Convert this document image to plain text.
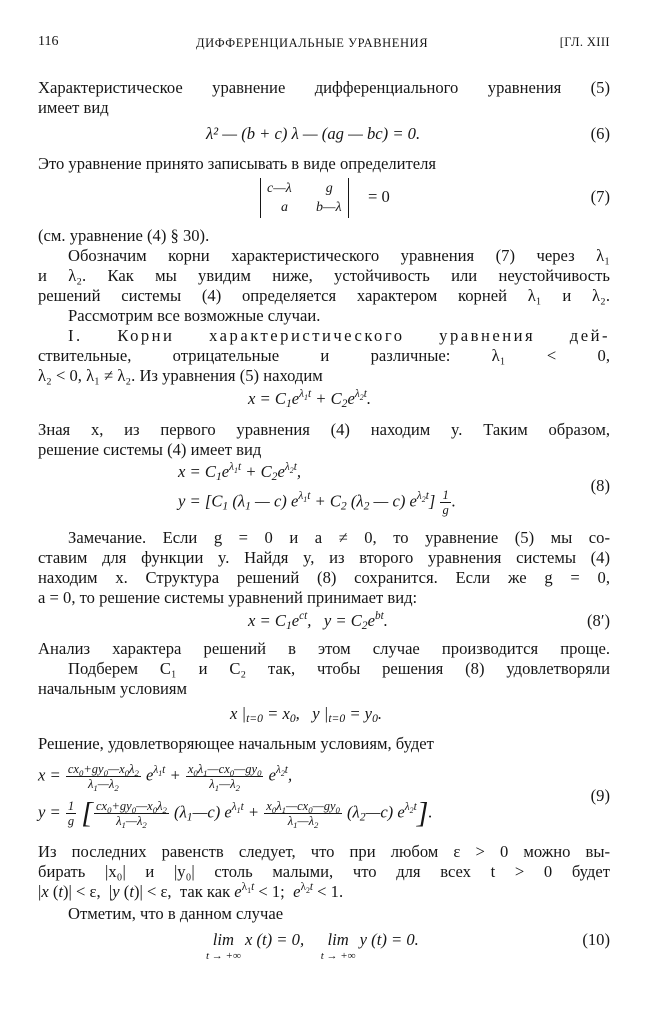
116	ДИФФЕРЕНЦИАЛЬНЫЕ УРАВНЕНИЯ	[ГЛ. XIII
Характеристическое уравнение дифференциального уравнения (5)
имеет вид
λ² — (b + c) λ — (ag — bc) = 0.	(6)
Это уравнение принято записывать в виде определителя
c—λ g
a b—λ
= 0	(7)
(см. уравнение (4) § 30).
Обозначим корни характеристического уравнения (7) через λ₁
и λ₂. Как мы увидим ниже, устойчивость или неустойчивость
решений системы (4) определяется характером корней λ₁ и λ₂.
Рассмотрим все возможные случаи.
I. Корни характеристического уравнения дей-
ствительные, отрицательные и различные: λ₁ < 0,
λ₂ < 0, λ₁ ≠ λ₂. Из уравнения (5) находим
$x = C_1e^{\lambda_1t} + C_2e^{\lambda_2t}$.
Зная x, из первого уравнения (4) находим y. Таким образом,
решение системы (4) имеет вид
$x = C_1e^{\lambda_1t} + C_2e^{\lambda_2t}$,
$y = [C_1$ ($\lambda_1$ — c) $e^{\lambda_1t} + C_2$ ($\lambda_2$ — c) $e^{\lambda_2t}] \frac{1}{g}$ .
(8)
Замечание. Если g = 0 и a ≠ 0, то уравнение (5) мы со-
ставим для функции y. Найдя y, из второго уравнения системы (4)
находим x. Структура решений (8) сохранится. Если же g = 0,
a = 0, то решение системы уравнений принимает вид:
$x = C_1e^{ct}$,   $y = C_2e^{bt}$.	(8′)
Анализ характера решений в этом случае производится проще.
Подберем C₁ и C₂ так, чтобы решения (8) удовлетворяли
начальным условиям
x $|_{t=0} = x_0$,   y $|_{t=0} = y_0$.
Решение, удовлетворяющее начальным условиям, будет
$x = \frac{cx_0+gy_0—x_0\lambda_2}{\lambda_1—\lambda_2} e^{\lambda_1t} + \frac{x_0\lambda_1—cx_0—gy_0}{\lambda_1—\lambda_2} e^{\lambda_2t}$,
$y = \frac{1}{g}$ [ $\frac{cx_0+gy_0—x_0\lambda_2}{\lambda_1—\lambda_2}$ $(\lambda_1—c) e^{\lambda_1t} + \frac{x_0\lambda_1—cx_0—gy_0}{\lambda_1—\lambda_2}$ $(\lambda_2—c)$ $e^{\lambda_2t}$].
(9)
Из последних равенств следует, что при любом ε > 0 можно вы-
бирать |x₀| и |y₀| столь малыми, что для всех t > 0 будет
|x (t)| < ε,  |y (t)| < ε,  так как $e^{\lambda_1t} < 1$;  $e^{\lambda_2t} < 1$.
Отметим, что в данном случае
lim
t → +∞
x (t) = 0,    lim
t → +∞
y (t) = 0.	(10)
